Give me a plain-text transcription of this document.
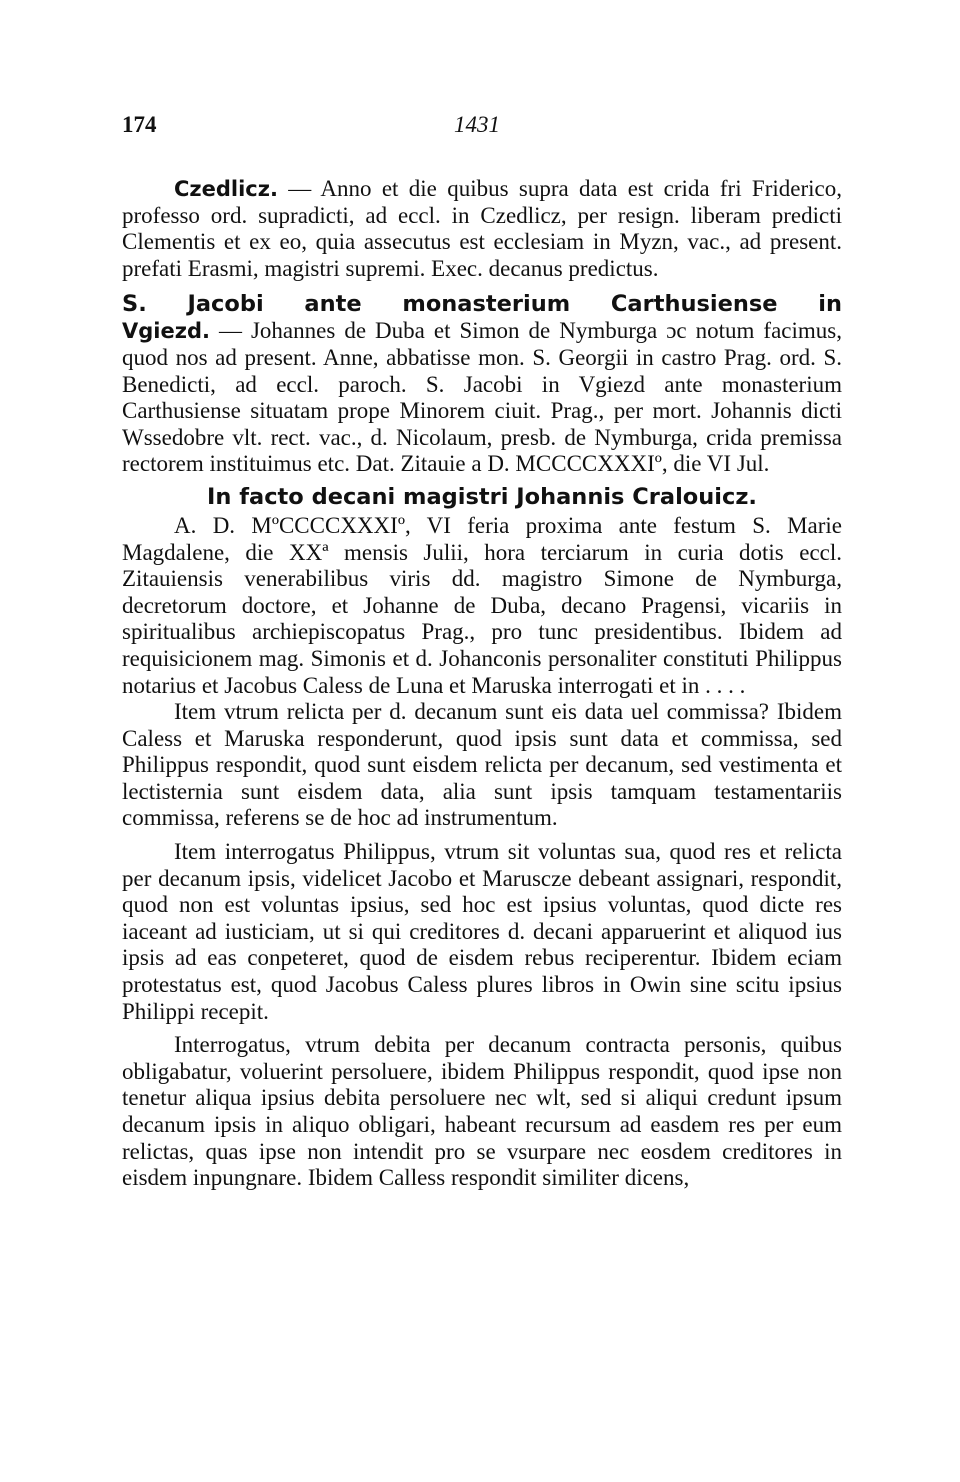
174	1431

Czedlicz. — Anno et die quibus supra data est crida fri Friderico, professo ord. supradicti, ad eccl. in Czedlicz, per resign. liberam predicti Clementis et ex eo, quia assecutus est ecclesiam in Myzn, vac., ad present. prefati Erasmi, magistri supremi. Exec. decanus predictus.

S. Jacobi ante monasterium Carthusiense in

Vgiezd. — Johannes de Duba et Simon de Nymburga ɔc notum facimus, quod nos ad present. Anne, abbatisse mon. S. Georgii in castro Prag. ord. S. Benedicti, ad eccl. paroch. S. Jacobi in Vgiezd ante monasterium Carthusiense situatam prope Minorem ciuit. Prag., per mort. Johannis dicti Wssedobre vlt. rect. vac., d. Nicolaum, presb. de Nymburga, crida premissa rectorem instituimus etc. Dat. Zitauie a D. MCCCCXXXIº, die VI Jul.

In facto decani magistri Johannis Cralouicz.

A. D. MºCCCCXXXIº, VI feria proxima ante festum S. Marie Magdalene, die XXª mensis Julii, hora terciarum in curia dotis eccl. Zitauiensis venerabilibus viris dd. magistro Simone de Nymburga, decretorum doctore, et Johanne de Duba, decano Pragensi, vicariis in spiritualibus archiepiscopatus Prag., pro tunc presidentibus. Ibidem ad requisicionem mag. Simonis et d. Johanconis personaliter constituti Philippus notarius et Jacobus Caless de Luna et Maruska interrogati et in . . . .

Item vtrum relicta per d. decanum sunt eis data uel commissa? Ibidem Caless et Maruska responderunt, quod ipsis sunt data et commissa, sed Philippus respondit, quod sunt eisdem relicta per decanum, sed vestimenta et lectisternia sunt eisdem data, alia sunt ipsis tamquam testamentariis commissa, referens se de hoc ad instrumentum.

Item interrogatus Philippus, vtrum sit voluntas sua, quod res et relicta per decanum ipsis, videlicet Jacobo et Maruscze debeant assignari, respondit, quod non est voluntas ipsius, sed hoc est ipsius voluntas, quod dicte res iaceant ad iusticiam, ut si qui creditores d. decani apparuerint et aliquod ius ipsis ad eas conpeteret, quod de eisdem rebus reciperentur. Ibidem eciam protestatus est, quod Jacobus Caless plures libros in Owin sine scitu ipsius Philippi recepit.

Interrogatus, vtrum debita per decanum contracta personis, quibus obligabatur, voluerint persoluere, ibidem Philippus respondit, quod ipse non tenetur aliqua ipsius debita persoluere nec wlt, sed si aliqui credunt ipsum decanum ipsis in aliquo obligari, habeant recursum ad easdem res per eum relictas, quas ipse non intendit pro se vsurpare nec eosdem creditores in eisdem inpungnare. Ibidem Calless respondit similiter dicens,
